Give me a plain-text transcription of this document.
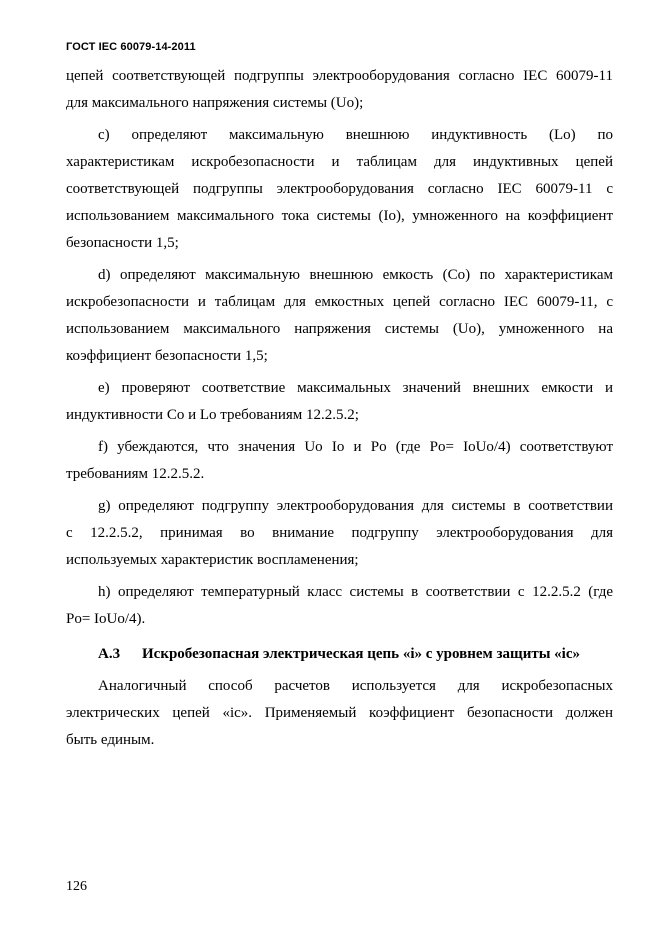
ГОСТ IEC 60079-14-2011

цепей соответствующей подгруппы электрооборудования согласно IEC 60079-11

для максимального напряжения системы (Uo);

c) определяют максимальную внешнюю индуктивность (Lo) по

характеристикам искробезопасности и таблицам для индуктивных цепей

соответствующей подгруппы электрооборудования согласно IEC 60079-11 с

использованием максимального тока системы (Io), умноженного на коэффициент

безопасности 1,5;

d) определяют максимальную внешнюю емкость (Co) по характеристикам

искробезопасности и таблицам для емкостных цепей согласно IEC 60079-11, с

использованием максимального напряжения системы (Uo), умноженного на

коэффициент безопасности 1,5;

e) проверяют соответствие максимальных значений внешних емкости и

индуктивности Co и Lo требованиям 12.2.5.2;

f) убеждаются, что значения Uo Io и Po (где Po= IoUo/4) соответствуют

требованиям 12.2.5.2.

g) определяют подгруппу электрооборудования для системы в соответствии

с 12.2.5.2, принимая во внимание подгруппу электрооборудования для

используемых характеристик воспламенения;

h) определяют температурный класс системы в соответствии с 12.2.5.2 (где

Po= IoUo/4).

А.3 Искробезопасная электрическая цепь «i» с уровнем защиты «ic»

Аналогичный способ расчетов используется для искробезопасных

электрических цепей «ic». Применяемый коэффициент безопасности должен

быть единым.

126
